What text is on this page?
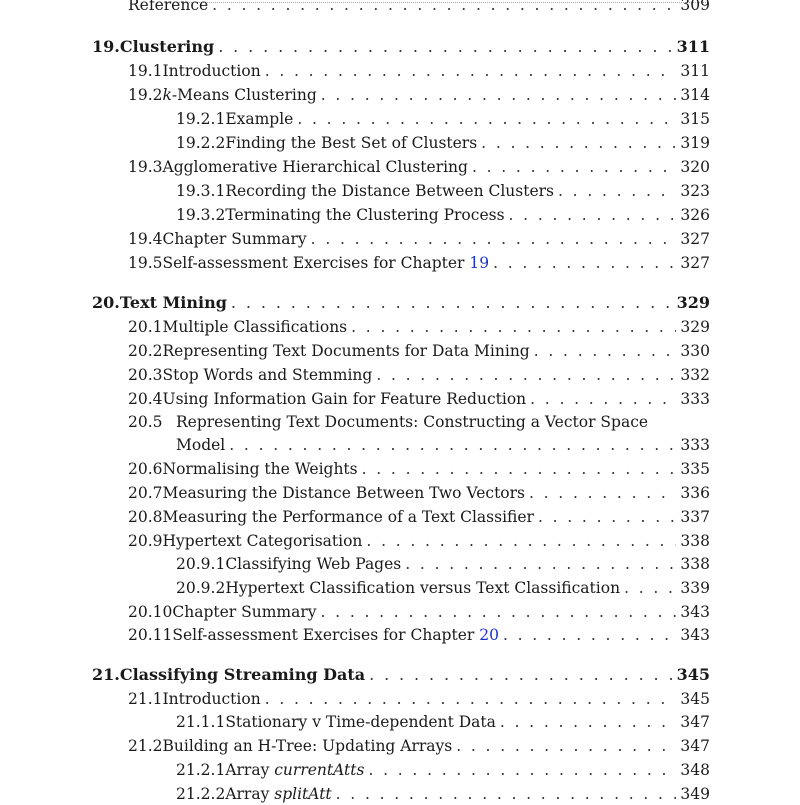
Reference . . .	309
19. Clustering . . .	311
19.1 Introduction . . .	311
19.2 k-Means Clustering . . .	314
19.2.1 Example . . .	315
19.2.2 Finding the Best Set of Clusters . . .	319
19.3 Agglomerative Hierarchical Clustering . . .	320
19.3.1 Recording the Distance Between Clusters . . .	323
19.3.2 Terminating the Clustering Process . . .	326
19.4 Chapter Summary . . .	327
19.5 Self-assessment Exercises for Chapter 19 . . .	327
20. Text Mining . . .	329
20.1 Multiple Classifications . . .	329
20.2 Representing Text Documents for Data Mining . . .	330
20.3 Stop Words and Stemming . . .	332
20.4 Using Information Gain for Feature Reduction . . .	333
20.5 Representing Text Documents: Constructing a Vector Space
Model . . .	333
20.6 Normalising the Weights . . .	335
20.7 Measuring the Distance Between Two Vectors . . .	336
20.8 Measuring the Performance of a Text Classifier . . .	337
20.9 Hypertext Categorisation . . .	338
20.9.1 Classifying Web Pages . . .	338
20.9.2 Hypertext Classification versus Text Classification . . .	339
20.10 Chapter Summary . . .	343
20.11 Self-assessment Exercises for Chapter 20 . . .	343
21. Classifying Streaming Data . . .	345
21.1 Introduction . . .	345
21.1.1 Stationary v Time-dependent Data . . .	347
21.2 Building an H-Tree: Updating Arrays . . .	347
21.2.1 Array currentAtts . . .	348
21.2.2 Array splitAtt . . .	349
